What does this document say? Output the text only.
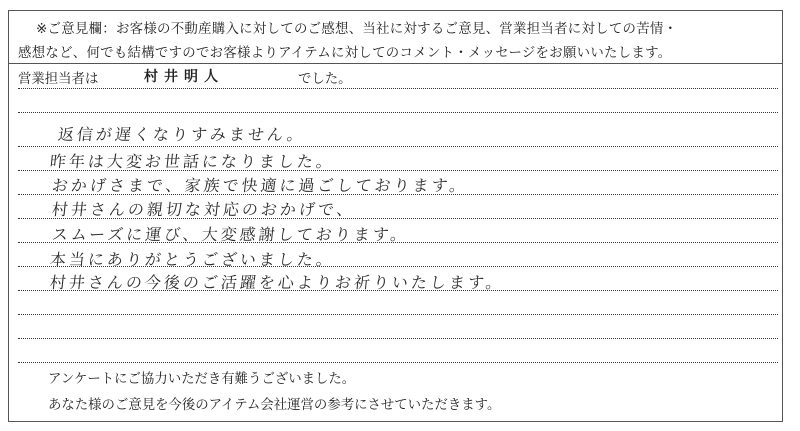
※ご意見欄：お客様の不動産購入に対してのご感想、当社に対するご意見、営業担当者に対しての苦情・
感想など、何でも結構ですのでお客様よりアイテムに対してのコメント・メッセージをお願いいたします。
営業担当者は	村井明人	でした。
返信が遅くなりすみません。
昨年は大変お世話になりました。
おかげさまで、家族で快適に過ごしております。
村井さんの親切な対応のおかげで、
スムーズに運び、大変感謝しております。
本当にありがとうございました。
村井さんの今後のご活躍を心よりお祈りいたします。
アンケートにご協力いただき有難うございました。
あなた様のご意見を今後のアイテム会社運営の参考にさせていただきます。
